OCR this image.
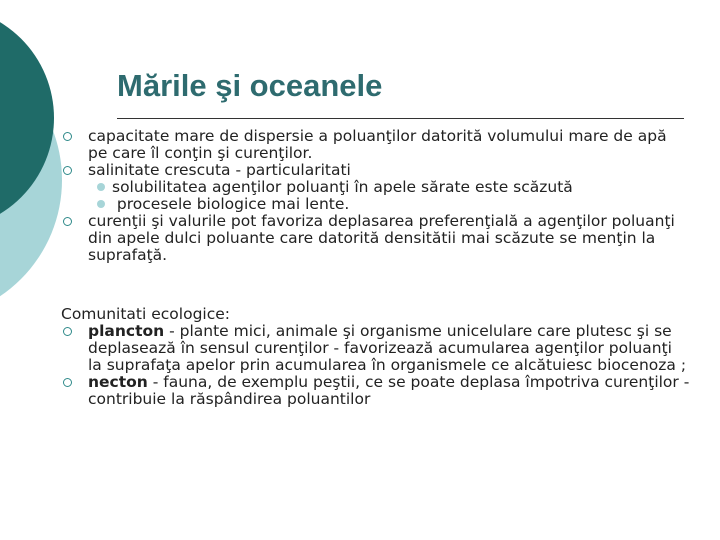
Mările şi oceanele
capacitate mare de dispersie a poluanţilor datorită volumului mare de apă pe care îl conţin şi curenţilor.
salinitate crescuta - particularitati
solubilitatea agenţilor poluanţi în apele sărate este scăzută
procesele biologice mai lente.
curenţii şi valurile pot favoriza deplasarea preferenţială a agenţilor poluanţi din apele dulci poluante care datorită densitătii mai scăzute se menţin la suprafaţă.
Comunitati ecologice:
plancton - plante mici, animale şi organisme unicelulare care plutesc şi se deplasează în sensul curenţilor - favorizează acumularea agenţilor poluanţi la suprafaţa apelor prin acumularea în organismele ce alcătuiesc biocenoza ;
necton - fauna, de exemplu peştii, ce se poate deplasa împotriva curenţilor - contribuie la răspândirea poluantilor
